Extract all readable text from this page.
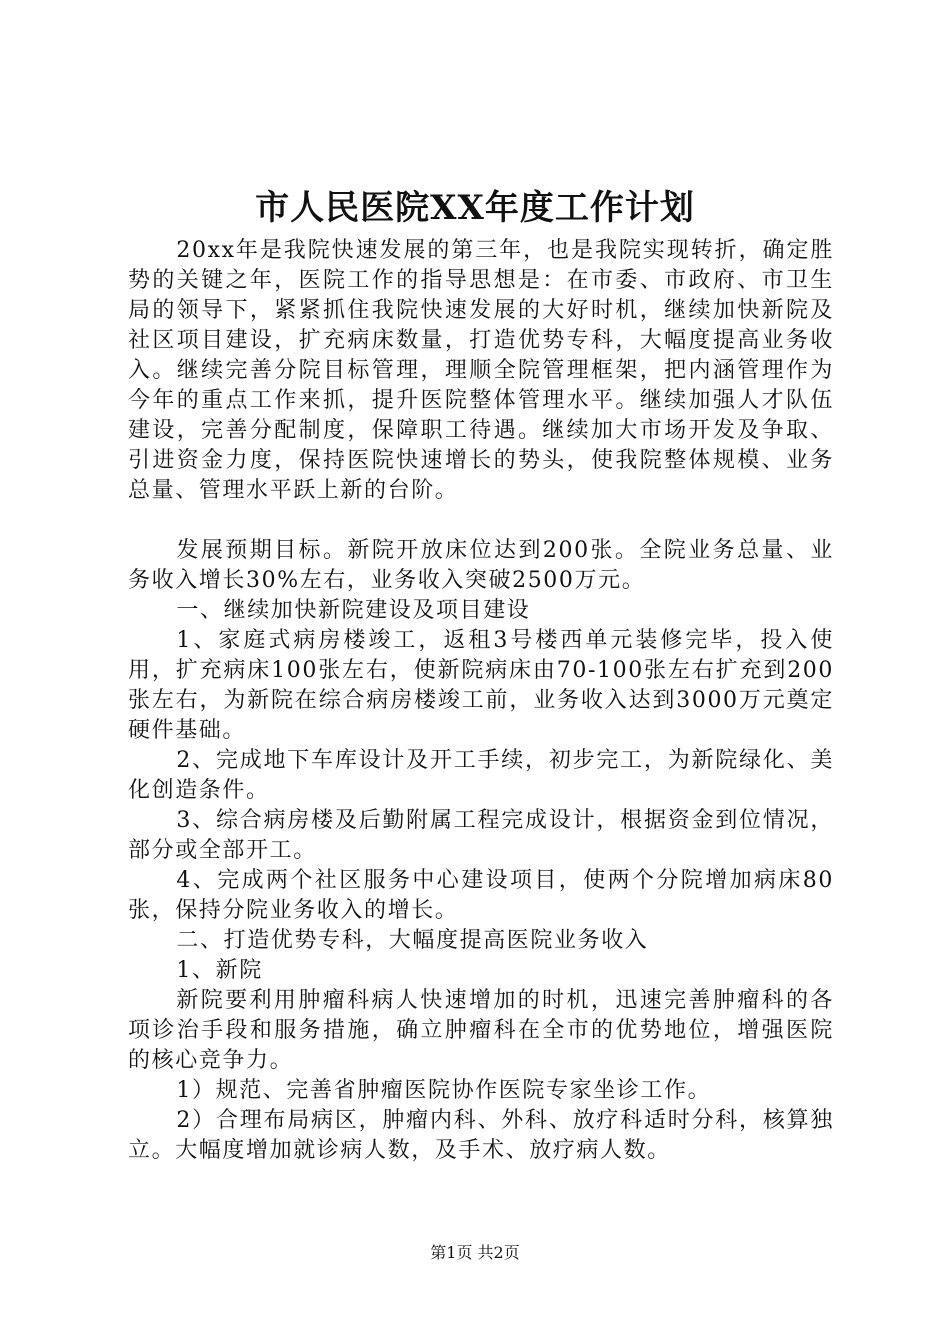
市人民医院XX年度工作计划

20xx年是我院快速发展的第三年，也是我院实现转折，确定胜势的关键之年，医院工作的指导思想是：在市委、市政府、市卫生局的领导下，紧紧抓住我院快速发展的大好时机，继续加快新院及社区项目建设，扩充病床数量，打造优势专科，大幅度提高业务收入。继续完善分院目标管理，理顺全院管理框架，把内涵管理作为今年的重点工作来抓，提升医院整体管理水平。继续加强人才队伍建设，完善分配制度，保障职工待遇。继续加大市场开发及争取、引进资金力度，保持医院快速增长的势头，使我院整体规模、业务总量、管理水平跃上新的台阶。

发展预期目标。新院开放床位达到200张。全院业务总量、业务收入增长30%左右，业务收入突破2500万元。

一、继续加快新院建设及项目建设

1、家庭式病房楼竣工，返租3号楼西单元装修完毕，投入使用，扩充病床100张左右，使新院病床由70-100张左右扩充到200张左右，为新院在综合病房楼竣工前，业务收入达到3000万元奠定硬件基础。

2、完成地下车库设计及开工手续，初步完工，为新院绿化、美化创造条件。

3、综合病房楼及后勤附属工程完成设计，根据资金到位情况，部分或全部开工。

4、完成两个社区服务中心建设项目，使两个分院增加病床80张，保持分院业务收入的增长。

二、打造优势专科，大幅度提高医院业务收入

1、新院

新院要利用肿瘤科病人快速增加的时机，迅速完善肿瘤科的各项诊治手段和服务措施，确立肿瘤科在全市的优势地位，增强医院的核心竞争力。

1）规范、完善省肿瘤医院协作医院专家坐诊工作。

2）合理布局病区，肿瘤内科、外科、放疗科适时分科，核算独立。大幅度增加就诊病人数，及手术、放疗病人数。

第1页 共2页
